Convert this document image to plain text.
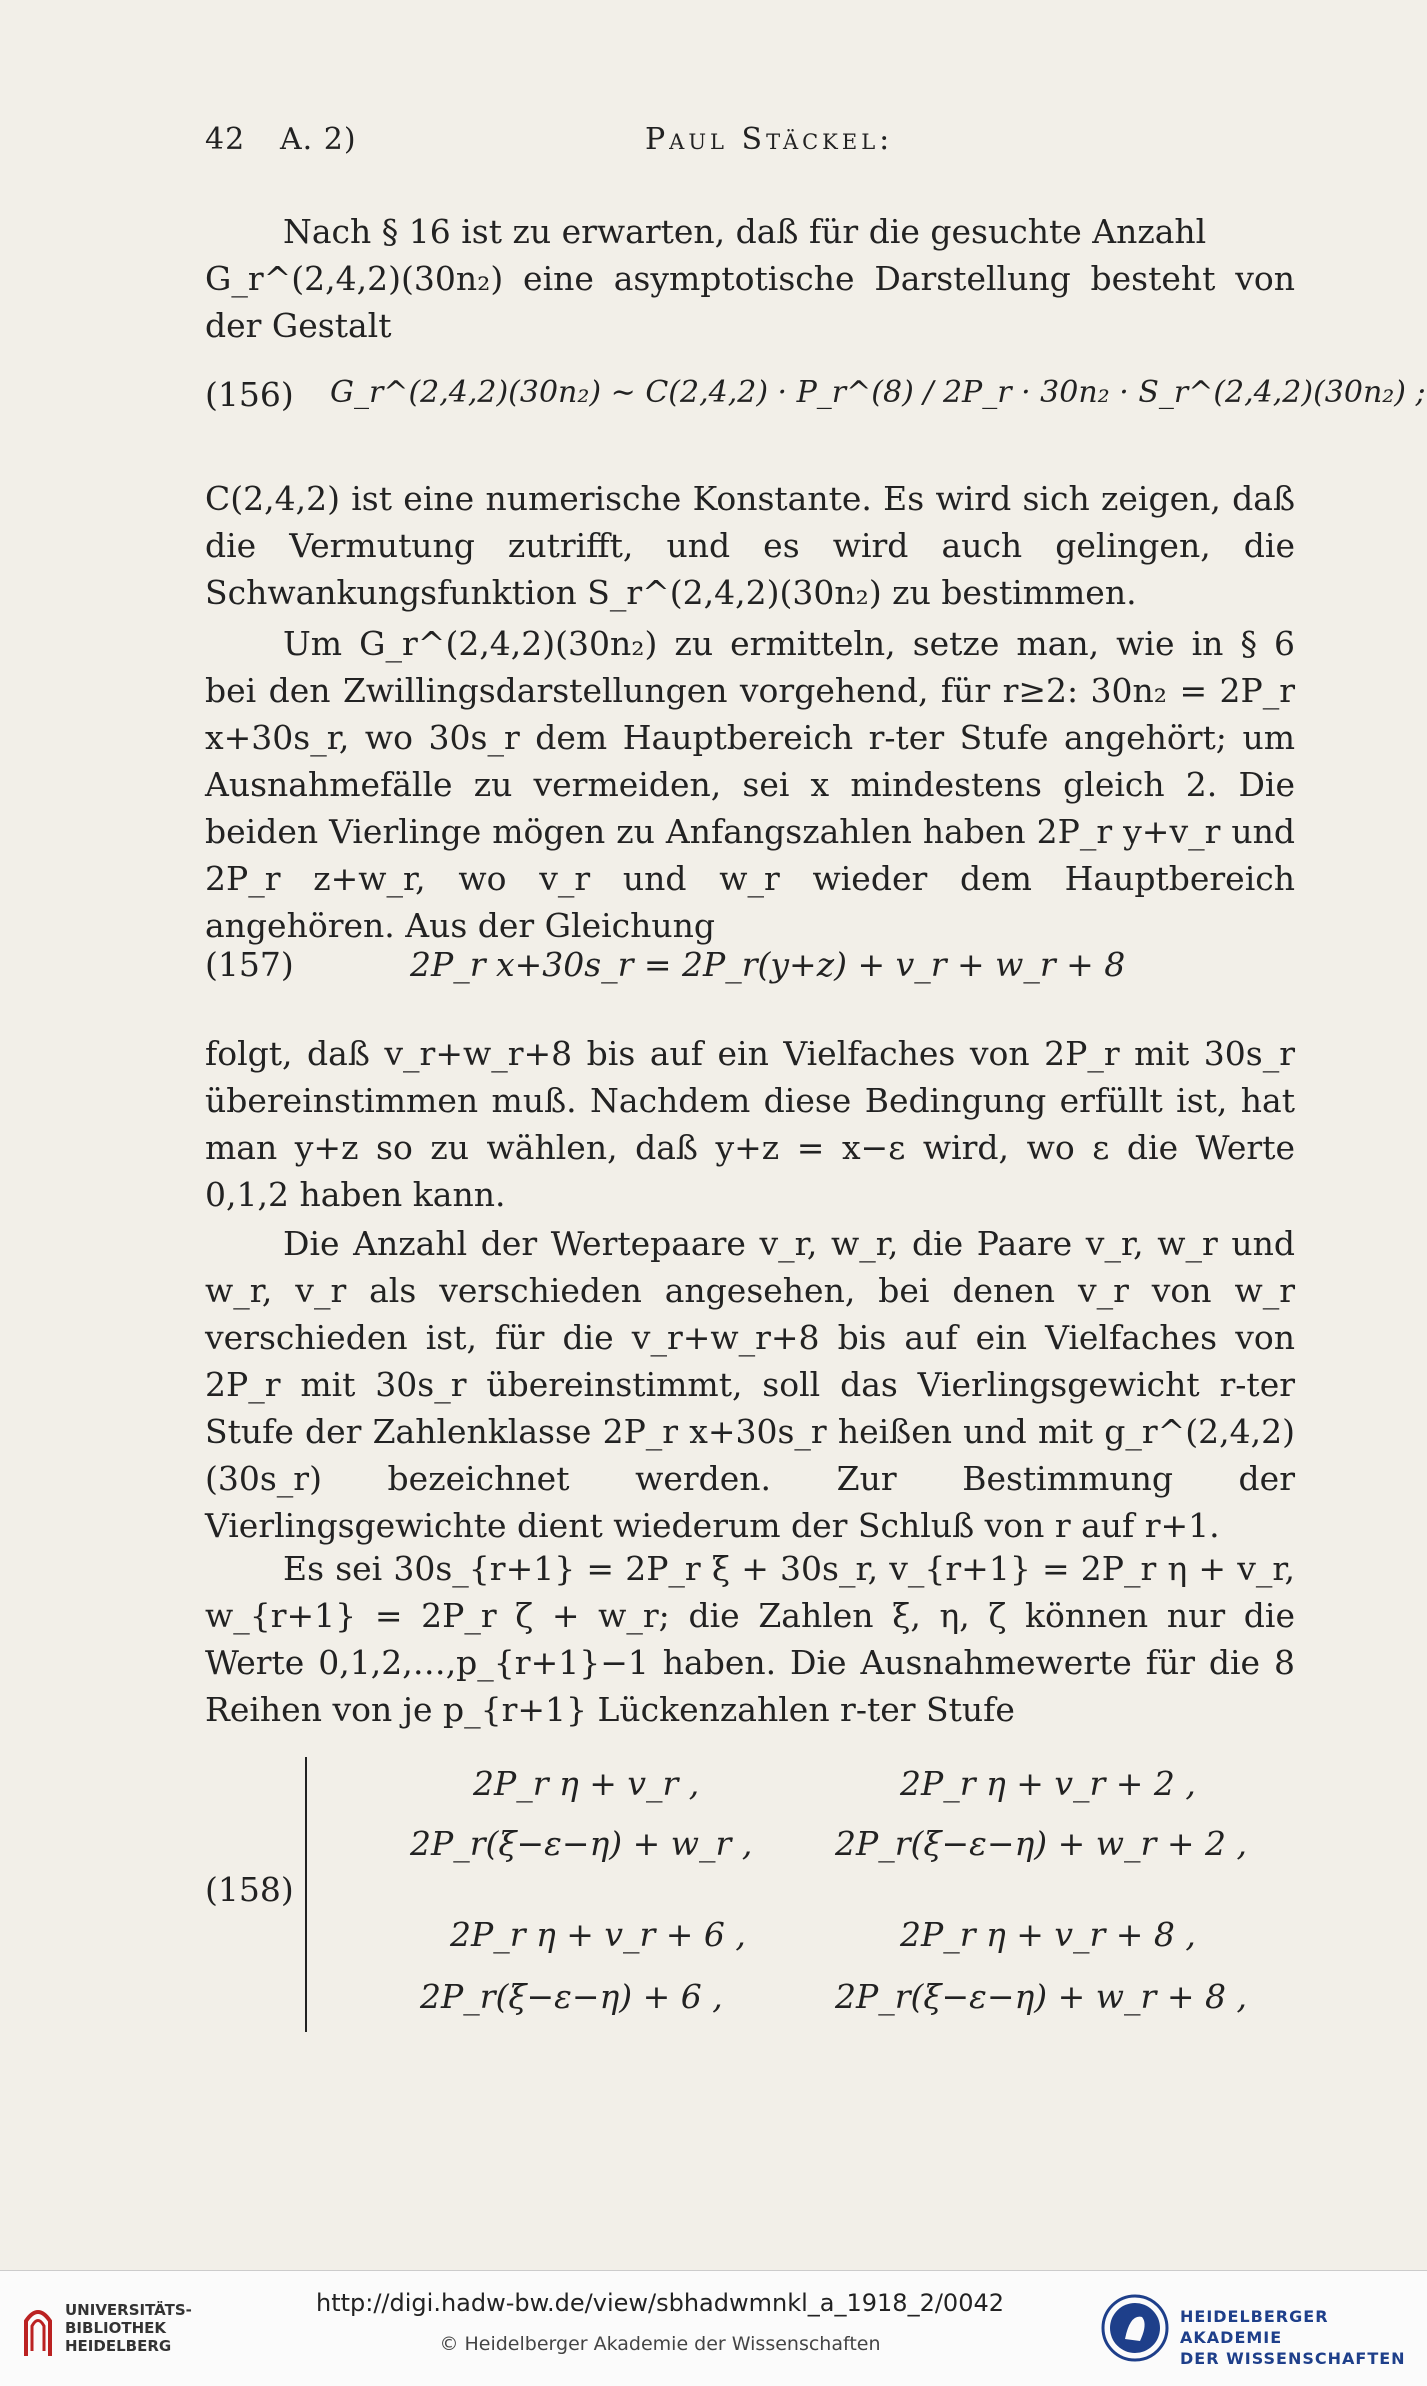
42 A. 2)	Paul Stäckel:

Nach § 16 ist zu erwarten, daß für die gesuchte Anzahl

G_r^(2,4,2)(30n₂) eine asymptotische Darstellung besteht von der Gestalt

(156) G_r^(2,4,2)(30n₂) ∼ C(2,4,2) · P_r^(8) / 2P_r · 30n₂ · S_r^(2,4,2)(30n₂) ;

C(2,4,2) ist eine numerische Konstante. Es wird sich zeigen, daß die Vermutung zutrifft, und es wird auch gelingen, die Schwankungsfunktion S_r^(2,4,2)(30n₂) zu bestimmen.

Um G_r^(2,4,2)(30n₂) zu ermitteln, setze man, wie in § 6 bei den Zwillingsdarstellungen vorgehend, für r≥2: 30n₂ = 2P_r x+30s_r, wo 30s_r dem Hauptbereich r-ter Stufe angehört; um Ausnahmefälle zu vermeiden, sei x mindestens gleich 2. Die beiden Vierlinge mögen zu Anfangszahlen haben 2P_r y+v_r und 2P_r z+w_r, wo v_r und w_r wieder dem Hauptbereich angehören. Aus der Gleichung

(157)	2P_r x+30s_r = 2P_r(y+z) + v_r + w_r + 8

folgt, daß v_r+w_r+8 bis auf ein Vielfaches von 2P_r mit 30s_r übereinstimmen muß. Nachdem diese Bedingung erfüllt ist, hat man y+z so zu wählen, daß y+z = x−ε wird, wo ε die Werte 0,1,2 haben kann.

Die Anzahl der Wertepaare v_r, w_r, die Paare v_r, w_r und w_r, v_r als verschieden angesehen, bei denen v_r von w_r verschieden ist, für die v_r+w_r+8 bis auf ein Vielfaches von 2P_r mit 30s_r übereinstimmt, soll das Vierlingsgewicht r-ter Stufe der Zahlenklasse 2P_r x+30s_r heißen und mit g_r^(2,4,2)(30s_r) bezeichnet werden. Zur Bestimmung der Vierlingsgewichte dient wiederum der Schluß von r auf r+1.

Es sei 30s_{r+1} = 2P_r ξ + 30s_r, v_{r+1} = 2P_r η + v_r, w_{r+1} = 2P_r ζ + w_r; die Zahlen ξ, η, ζ können nur die Werte 0,1,2,…,p_{r+1}−1 haben. Die Ausnahmewerte für die 8 Reihen von je p_{r+1} Lückenzahlen r-ter Stufe

(158)
2P_r η + v_r ,	2P_r η + v_r + 2 ,
2P_r(ξ−ε−η) + w_r ,	2P_r(ξ−ε−η) + w_r + 2 ,
2P_r η + v_r + 6 ,	2P_r η + v_r + 8 ,
2P_r(ξ−ε−η) + 6 ,	2P_r(ξ−ε−η) + w_r + 8 ,
UNIVERSITÄTS-
BIBLIOTHEK
HEIDELBERG
http://digi.hadw-bw.de/view/sbhadwmnkl_a_1918_2/0042
© Heidelberger Akademie der Wissenschaften
HEIDELBERGER AKADEMIE
DER WISSENSCHAFTEN
